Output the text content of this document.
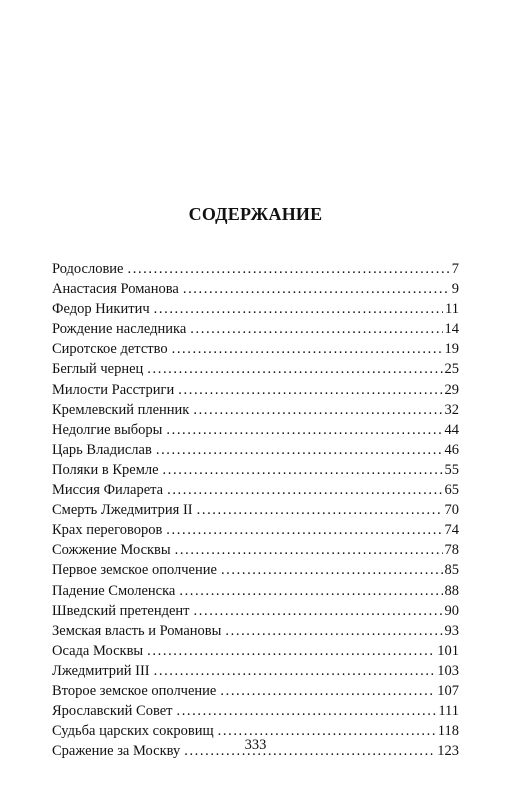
СОДЕРЖАНИЕ
Родословие .....	7
Анастасия Романова .....	9
Федор Никитич .....	11
Рождение наследника .....	14
Сиротское детство .....	19
Беглый чернец .....	25
Милости Расстриги .....	29
Кремлевский пленник .....	32
Недолгие выборы .....	44
Царь Владислав .....	46
Поляки в Кремле .....	55
Миссия Филарета .....	65
Смерть Лжедмитрия II .....	70
Крах переговоров .....	74
Сожжение Москвы .....	78
Первое земское ополчение .....	85
Падение Смоленска .....	88
Шведский претендент .....	90
Земская власть и Романовы .....	93
Осада Москвы .....	101
Лжедмитрий III .....	103
Второе земское ополчение .....	107
Ярославский Совет .....	111
Судьба царских сокровищ .....	118
Сражение за Москву .....	123
333
